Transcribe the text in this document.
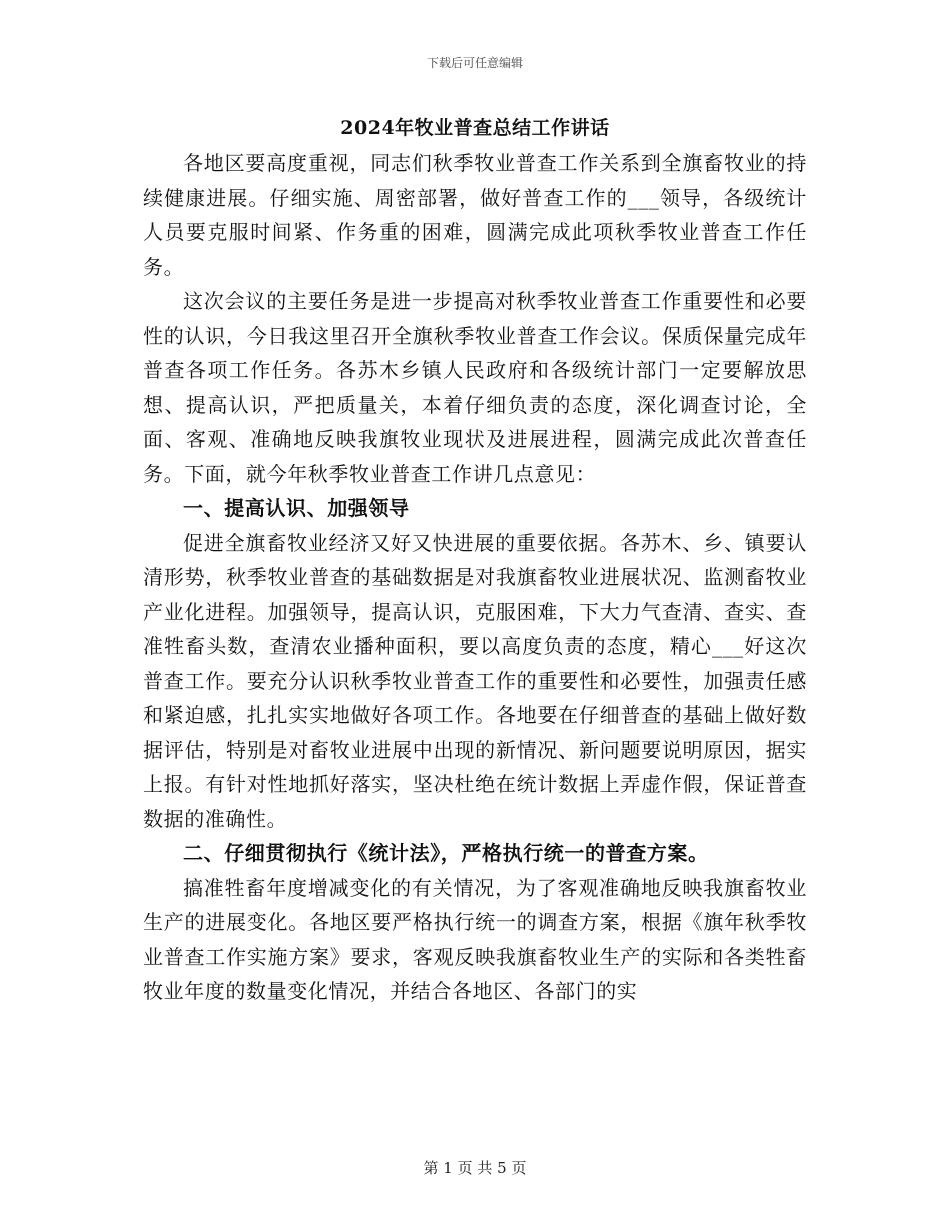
下载后可任意编辑
2024年牧业普查总结工作讲话

各地区要高度重视，同志们秋季牧业普查工作关系到全旗畜牧业的持续健康进展。仔细实施、周密部署，做好普查工作的___领导，各级统计人员要克服时间紧、作务重的困难，圆满完成此项秋季牧业普查工作任务。

这次会议的主要任务是进一步提高对秋季牧业普查工作重要性和必要性的认识，今日我这里召开全旗秋季牧业普查工作会议。保质保量完成年普查各项工作任务。各苏木乡镇人民政府和各级统计部门一定要解放思想、提高认识，严把质量关，本着仔细负责的态度，深化调查讨论，全面、客观、准确地反映我旗牧业现状及进展进程，圆满完成此次普查任务。下面，就今年秋季牧业普查工作讲几点意见：

一、提高认识、加强领导

促进全旗畜牧业经济又好又快进展的重要依据。各苏木、乡、镇要认清形势，秋季牧业普查的基础数据是对我旗畜牧业进展状况、监测畜牧业产业化进程。加强领导，提高认识，克服困难，下大力气查清、查实、查准牲畜头数，查清农业播种面积，要以高度负责的态度，精心___好这次普查工作。要充分认识秋季牧业普查工作的重要性和必要性，加强责任感和紧迫感，扎扎实实地做好各项工作。各地要在仔细普查的基础上做好数据评估，特别是对畜牧业进展中出现的新情况、新问题要说明原因，据实上报。有针对性地抓好落实，坚决杜绝在统计数据上弄虚作假，保证普查数据的准确性。

二、仔细贯彻执行《统计法》，严格执行统一的普查方案。

搞准牲畜年度增减变化的有关情况，为了客观准确地反映我旗畜牧业生产的进展变化。各地区要严格执行统一的调查方案，根据《旗年秋季牧业普查工作实施方案》要求，客观反映我旗畜牧业生产的实际和各类牲畜牧业年度的数量变化情况，并结合各地区、各部门的实

第 1 页 共 5 页
